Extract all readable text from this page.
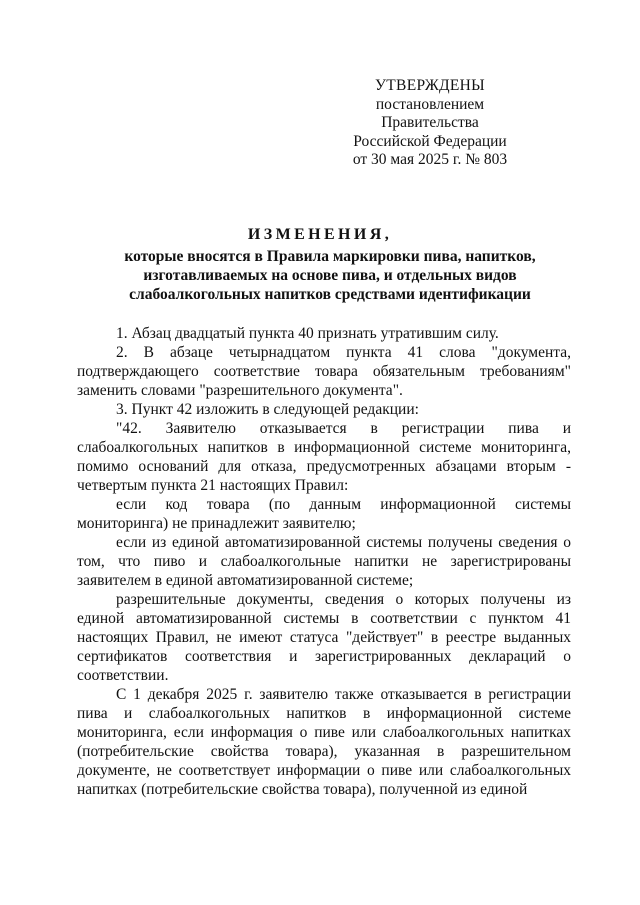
УТВЕРЖДЕНЫ
постановлением Правительства
Российской Федерации
от 30 мая 2025 г. № 803
ИЗМЕНЕНИЯ,
которые вносятся в Правила маркировки пива, напитков, изготавливаемых на основе пива, и отдельных видов слабоалкогольных напитков средствами идентификации

1. Абзац двадцатый пункта 40 признать утратившим силу.

2. В абзаце четырнадцатом пункта 41 слова "документа, подтверждающего соответствие товара обязательным требованиям" заменить словами "разрешительного документа".

3. Пункт 42 изложить в следующей редакции:

"42. Заявителю отказывается в регистрации пива и слабоалкогольных напитков в информационной системе мониторинга, помимо оснований для отказа, предусмотренных абзацами вторым - четвертым пункта 21 настоящих Правил:

если код товара (по данным информационной системы мониторинга) не принадлежит заявителю;

если из единой автоматизированной системы получены сведения о том, что пиво и слабоалкогольные напитки не зарегистрированы заявителем в единой автоматизированной системе;

разрешительные документы, сведения о которых получены из единой автоматизированной системы в соответствии с пунктом 41 настоящих Правил, не имеют статуса "действует" в реестре выданных сертификатов соответствия и зарегистрированных деклараций о соответствии.

С 1 декабря 2025 г. заявителю также отказывается в регистрации пива и слабоалкогольных напитков в информационной системе мониторинга, если информация о пиве или слабоалкогольных напитках (потребительские свойства товара), указанная в разрешительном документе, не соответствует информации о пиве или слабоалкогольных напитках (потребительские свойства товара), полученной из единой
